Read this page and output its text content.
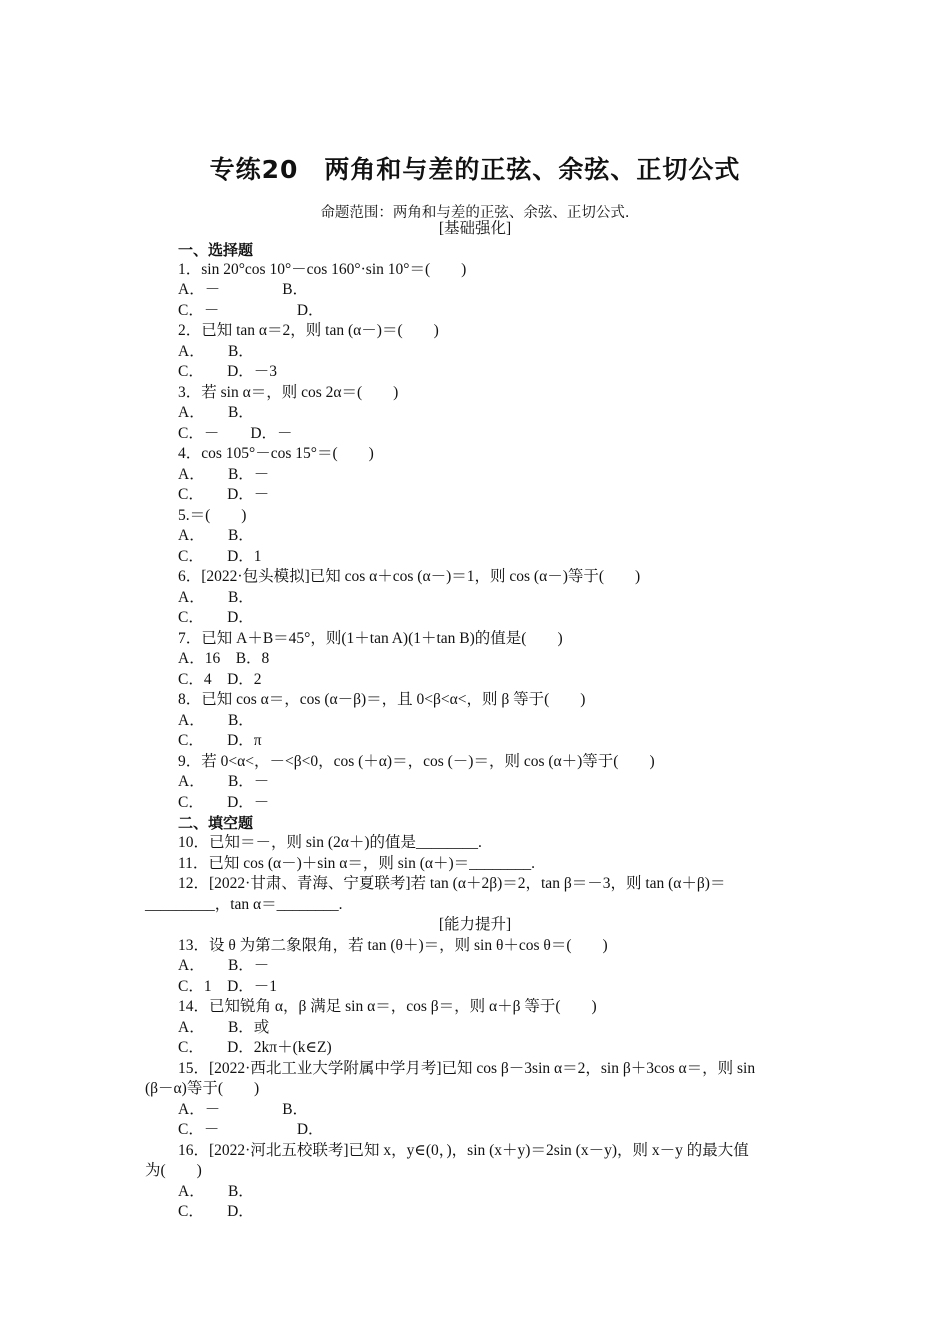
专练20　两角和与差的正弦、余弦、正切公式
命题范围：两角和与差的正弦、余弦、正切公式.
[基础强化]
一、选择题
1．sin 20°cos 10°－cos 160°·sin 10°＝(　　)
A．－　　　　B．
C．－　　　　　D．
2．已知 tan α＝2，则 tan (α－)＝(　　)
A．　　B．
C．　　D．－3
3．若 sin α＝，则 cos 2α＝(　　)
A．　　B．
C．－　　D．－
4．cos 105°－cos 15°＝(　　)
A．　　B．－
C．　　D．－
5.＝(　　)
A．　　B．
C．　　D．1
6．[2022·包头模拟]已知 cos α＋cos (α－)＝1，则 cos (α－)等于(　　)
A．　　B．
C．　　D．
7．已知 A＋B＝45°，则(1＋tan A)(1＋tan B)的值是(　　)
A．16　B．8
C．4　D．2
8．已知 cos α＝，cos (α－β)＝，且 0<β<α<，则 β 等于(　　)
A．　　B．
C．　　D．π
9．若 0<α<，－<β<0，cos (＋α)＝，cos (－)＝，则 cos (α＋)等于(　　)
A．　　B．－
C．　　D．－
二、填空题
10．已知＝－，则 sin (2α＋)的值是________.
11．已知 cos (α－)＋sin α＝，则 sin (α＋)＝________.
12．[2022·甘肃、青海、宁夏联考]若 tan (α＋2β)＝2，tan β＝－3，则 tan (α＋β)＝
_________，tan α＝________.
[能力提升]
13．设 θ 为第二象限角，若 tan (θ＋)＝，则 sin θ＋cos θ＝(　　)
A．　　B．－
C．1　D．－1
14．已知锐角 α，β 满足 sin α＝，cos β＝，则 α＋β 等于(　　)
A．　　B．或
C．　　D．2kπ＋(k∈Z)
15．[2022·西北工业大学附属中学月考]已知 cos β－3sin α＝2，sin β＋3cos α＝，则 sin
(β－α)等于(　　)
A．－　　　　B．
C．－　　　　　D．
16．[2022·河北五校联考]已知 x，y∈(0，)，sin (x＋y)＝2sin (x－y)，则 x－y 的最大值
为(　　)
A．　　B．
C．　　D．
